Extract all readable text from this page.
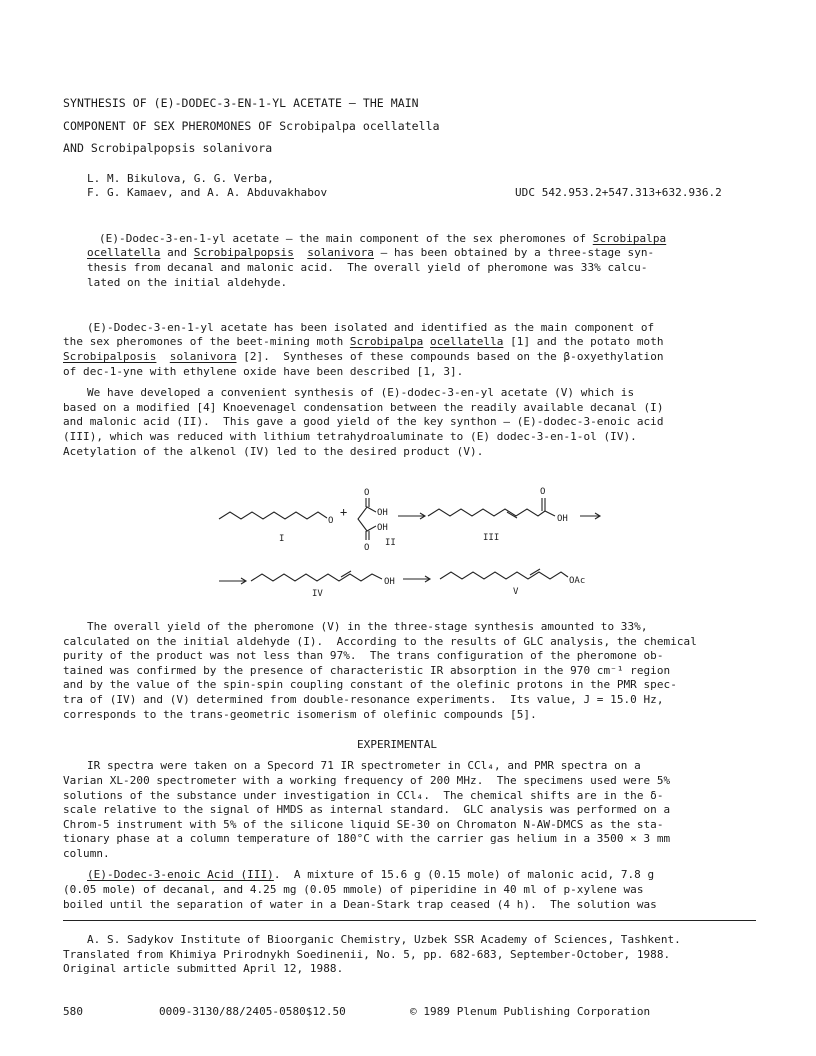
SYNTHESIS OF (E)-DODEC-3-EN-1-YL ACETATE — THE MAIN
COMPONENT OF SEX PHEROMONES OF Scrobipalpa ocellatella
AND Scrobipalpopsis solanivora
L. M. Bikulova, G. G. Verba,
F. G. Kamaev, and A. A. Abduvakhabov	UDC 542.953.2+547.313+632.936.2
(E)-Dodec-3-en-1-yl acetate — the main component of the sex pheromones of Scrobipalpa
ocellatella and Scrobipalpopsis solanivora — has been obtained by a three-stage syn-
thesis from decanal and malonic acid.  The overall yield of pheromone was 33% calcu-
lated on the initial aldehyde.
(E)-Dodec-3-en-1-yl acetate has been isolated and identified as the main component of
the sex pheromones of the beet-mining moth Scrobipalpa ocellatella [1] and the potato moth
Scrobipalposis solanivora [2].  Syntheses of these compounds based on the β-oxyethylation
of dec-1-yne with ethylene oxide have been described [1, 3].
We have developed a convenient synthesis of (E)-dodec-3-en-yl acetate (V) which is
based on a modified [4] Knoevenagel condensation between the readily available decanal (I)
and malonic acid (II).  This gave a good yield of the key synthon — (E)-dodec-3-enoic acid
(III), which was reduced with lithium tetrahydroaluminate to (E) dodec-3-en-1-ol (IV).
Acetylation of the alkenol (IV) led to the desired product (V).
O
I
+
O
OH
OH
O II
O
OH
III
OH
IV
OAc
V
The overall yield of the pheromone (V) in the three-stage synthesis amounted to 33%,
calculated on the initial aldehyde (I).  According to the results of GLC analysis, the chemical
purity of the product was not less than 97%.  The trans configuration of the pheromone ob-
tained was confirmed by the presence of characteristic IR absorption in the 970 cm⁻¹ region
and by the value of the spin-spin coupling constant of the olefinic protons in the PMR spec-
tra of (IV) and (V) determined from double-resonance experiments.  Its value, J = 15.0 Hz,
corresponds to the trans-geometric isomerism of olefinic compounds [5].
EXPERIMENTAL
IR spectra were taken on a Specord 71 IR spectrometer in CCl₄, and PMR spectra on a
Varian XL-200 spectrometer with a working frequency of 200 MHz.  The specimens used were 5%
solutions of the substance under investigation in CCl₄.  The chemical shifts are in the δ-
scale relative to the signal of HMDS as internal standard.  GLC analysis was performed on a
Chrom-5 instrument with 5% of the silicone liquid SE-30 on Chromaton N-AW-DMCS as the sta-
tionary phase at a column temperature of 180°C with the carrier gas helium in a 3500 × 3 mm
column.
(E)-Dodec-3-enoic Acid (III).  A mixture of 15.6 g (0.15 mole) of malonic acid, 7.8 g
(0.05 mole) of decanal, and 4.25 mg (0.05 mmole) of piperidine in 40 ml of p-xylene was
boiled until the separation of water in a Dean-Stark trap ceased (4 h).  The solution was
A. S. Sadykov Institute of Bioorganic Chemistry, Uzbek SSR Academy of Sciences, Tashkent.
Translated from Khimiya Prirodnykh Soedinenii, No. 5, pp. 682-683, September-October, 1988.
Original article submitted April 12, 1988.
580	0009-3130/88/2405-0580$12.50	© 1989 Plenum Publishing Corporation
